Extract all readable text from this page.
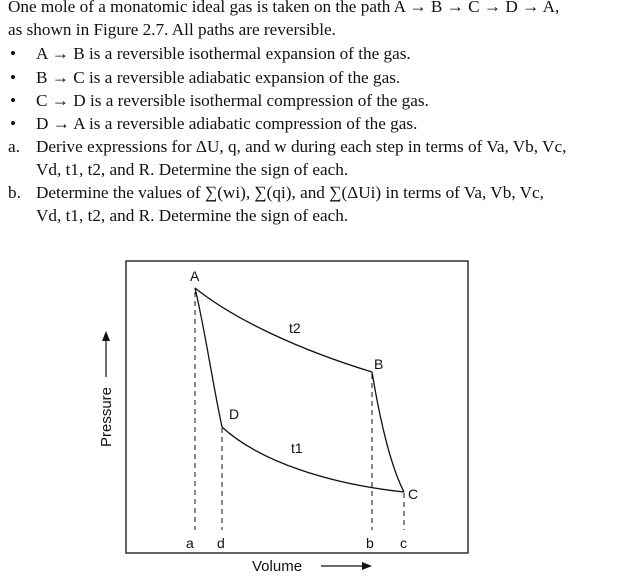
One mole of a monatomic ideal gas is taken on the path A → B → C → D → A,
as shown in Figure 2.7. All paths are reversible.
• A → B is a reversible isothermal expansion of the gas.
• B → C is a reversible adiabatic expansion of the gas.
• C → D is a reversible isothermal compression of the gas.
• D → A is a reversible adiabatic compression of the gas.
a. Derive expressions for ΔU, q, and w during each step in terms of Va, Vb, Vc,
Vd, t1, t2, and R. Determine the sign of each.
b. Determine the values of ∑(wi), ∑(qi), and ∑(ΔUi) in terms of Va, Vb, Vc,
Vd, t1, t2, and R. Determine the sign of each.
A
B
C
D
t2
t1
a d	b c
Volume
Pressure
